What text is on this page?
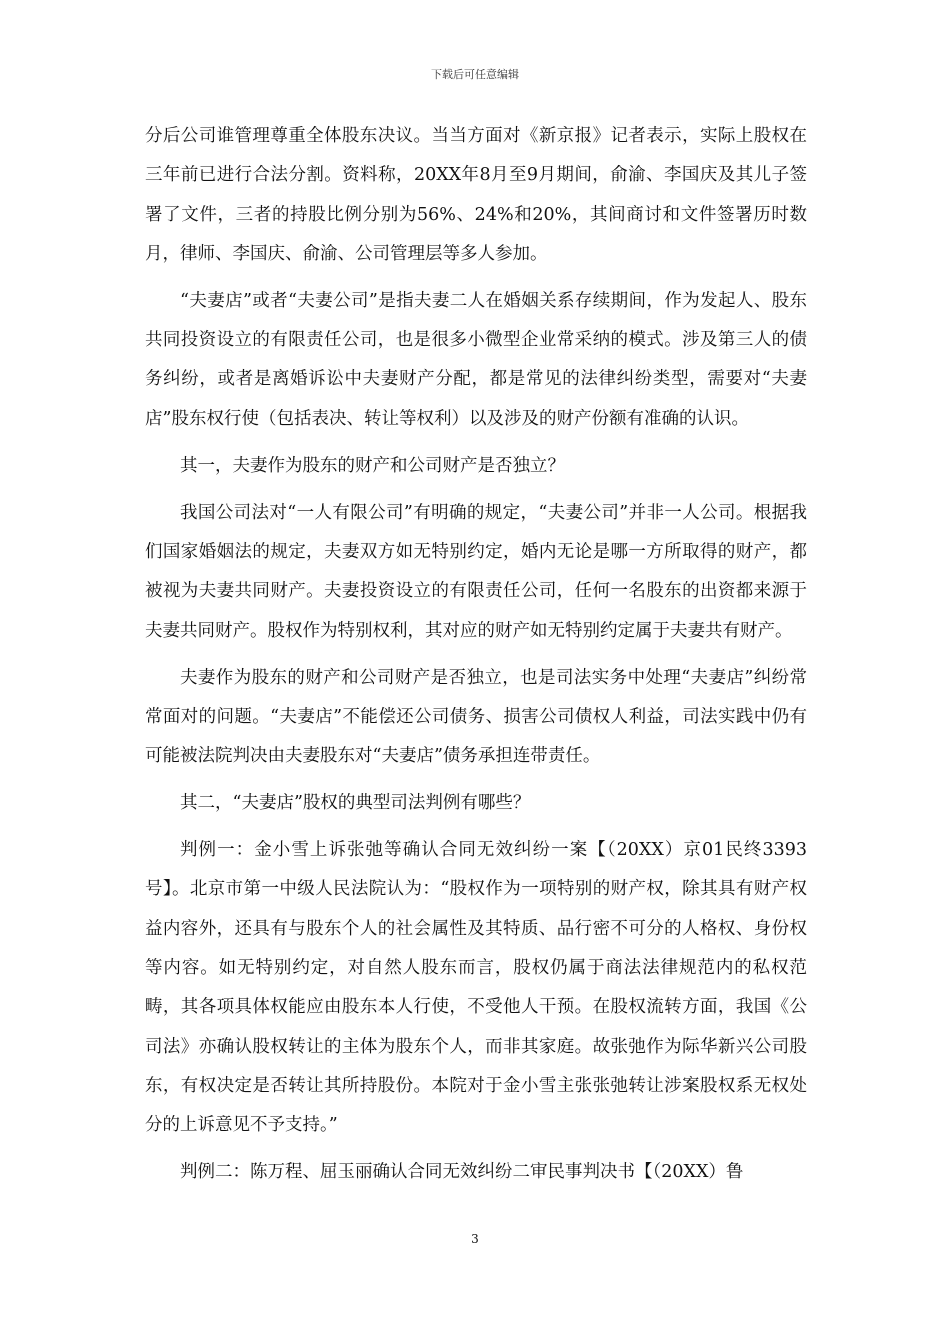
下载后可任意编辑

分后公司谁管理尊重全体股东决议。当当方面对《新京报》记者表示，实际上股权在三年前已进行合法分割。资料称，20XX年8月至9月期间，俞渝、李国庆及其儿子签署了文件，三者的持股比例分别为56%、24%和20%，其间商讨和文件签署历时数月，律师、李国庆、俞渝、公司管理层等多人参加。

“夫妻店”或者“夫妻公司”是指夫妻二人在婚姻关系存续期间，作为发起人、股东共同投资设立的有限责任公司，也是很多小微型企业常采纳的模式。涉及第三人的债务纠纷，或者是离婚诉讼中夫妻财产分配，都是常见的法律纠纷类型，需要对“夫妻店”股东权行使（包括表决、转让等权利）以及涉及的财产份额有准确的认识。

其一，夫妻作为股东的财产和公司财产是否独立？

我国公司法对“一人有限公司”有明确的规定，“夫妻公司”并非一人公司。根据我们国家婚姻法的规定，夫妻双方如无特别约定，婚内无论是哪一方所取得的财产，都被视为夫妻共同财产。夫妻投资设立的有限责任公司，任何一名股东的出资都来源于夫妻共同财产。股权作为特别权利，其对应的财产如无特别约定属于夫妻共有财产。

夫妻作为股东的财产和公司财产是否独立，也是司法实务中处理“夫妻店”纠纷常常面对的问题。“夫妻店”不能偿还公司债务、损害公司债权人利益，司法实践中仍有可能被法院判决由夫妻股东对“夫妻店”债务承担连带责任。

其二，“夫妻店”股权的典型司法判例有哪些？

判例一：金小雪上诉张弛等确认合同无效纠纷一案【（20XX）京01民终3393号】。北京市第一中级人民法院认为：“股权作为一项特别的财产权，除其具有财产权益内容外，还具有与股东个人的社会属性及其特质、品行密不可分的人格权、身份权等内容。如无特别约定，对自然人股东而言，股权仍属于商法法律规范内的私权范畴，其各项具体权能应由股东本人行使，不受他人干预。在股权流转方面，我国《公司法》亦确认股权转让的主体为股东个人，而非其家庭。故张弛作为际华新兴公司股东，有权决定是否转让其所持股份。本院对于金小雪主张张弛转让涉案股权系无权处分的上诉意见不予支持。”

判例二：陈万程、屈玉丽确认合同无效纠纷二审民事判决书【（20XX）鲁

3
